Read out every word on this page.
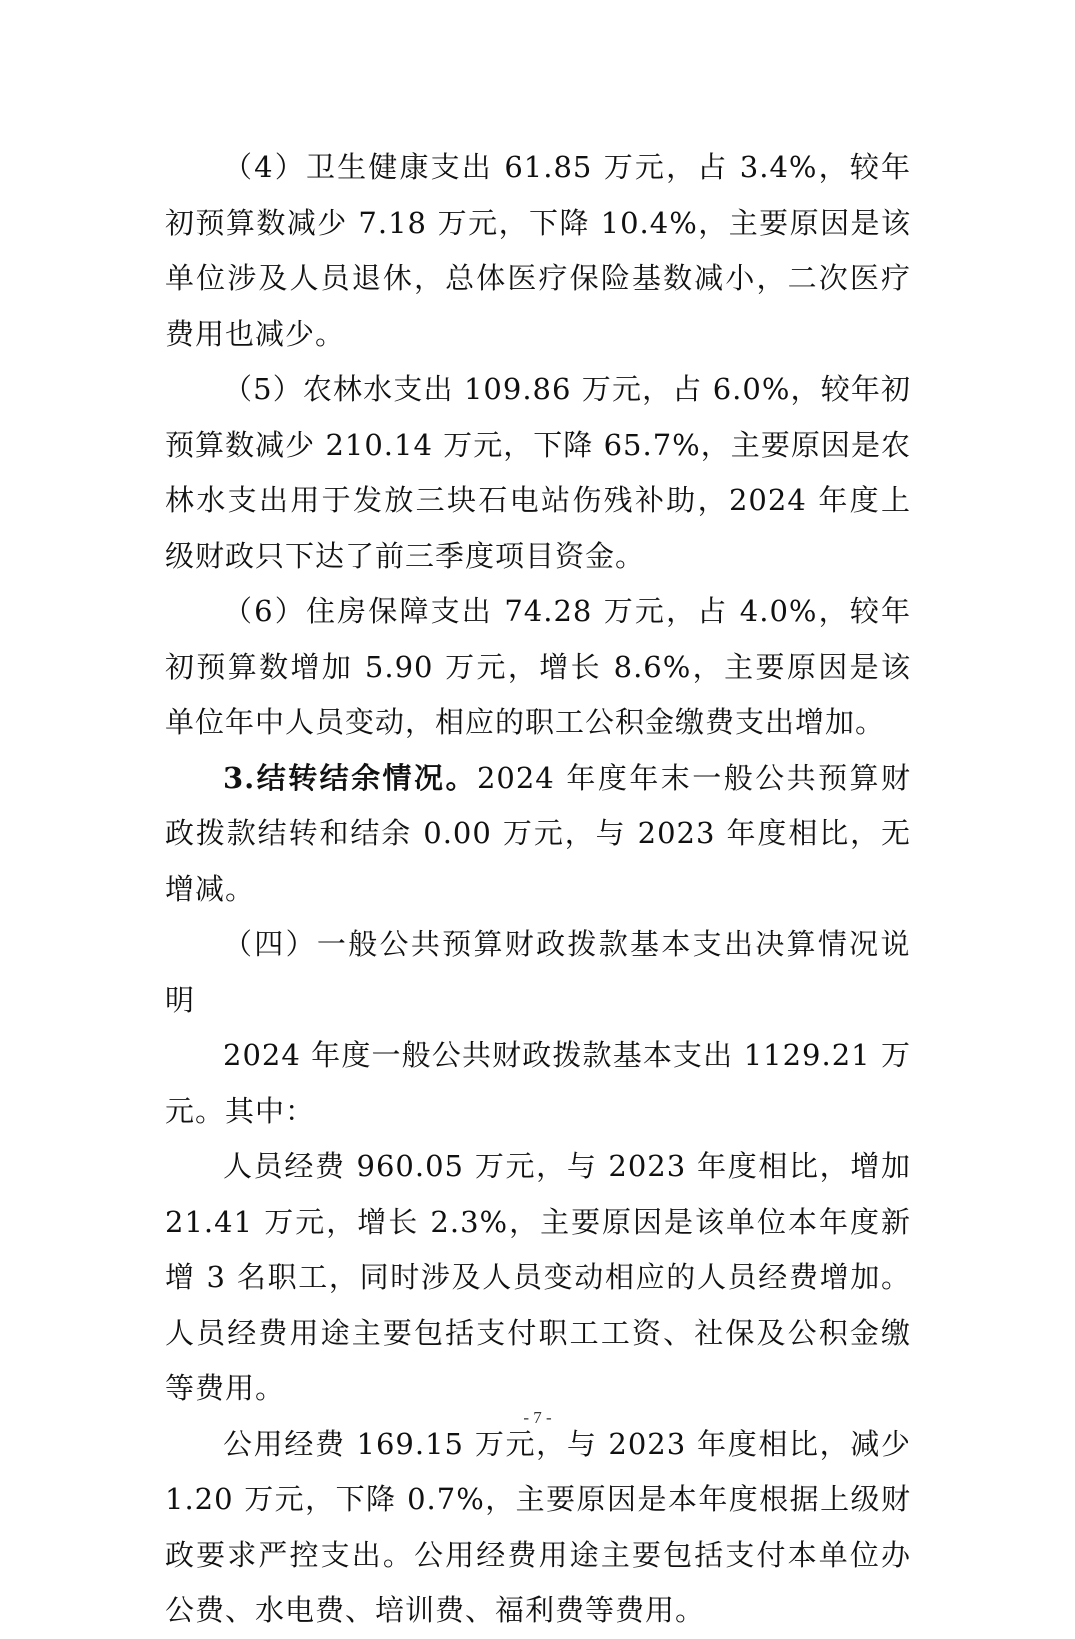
（4）卫生健康支出 61.85 万元，占 3.4%，较年初预算数减少 7.18 万元，下降 10.4%，主要原因是该单位涉及人员退休，总体医疗保险基数减小，二次医疗费用也减少。

（5）农林水支出 109.86 万元，占 6.0%，较年初预算数减少 210.14 万元，下降 65.7%，主要原因是农林水支出用于发放三块石电站伤残补助，2024 年度上级财政只下达了前三季度项目资金。

（6）住房保障支出 74.28 万元，占 4.0%，较年初预算数增加 5.90 万元，增长 8.6%，主要原因是该单位年中人员变动，相应的职工公积金缴费支出增加。

3.结转结余情况。2024 年度年末一般公共预算财政拨款结转和结余 0.00 万元，与 2023 年度相比，无增减。

（四）一般公共预算财政拨款基本支出决算情况说明

2024 年度一般公共财政拨款基本支出 1129.21 万元。其中：

人员经费 960.05 万元，与 2023 年度相比，增加 21.41 万元，增长 2.3%，主要原因是该单位本年度新增 3 名职工，同时涉及人员变动相应的人员经费增加。人员经费用途主要包括支付职工工资、社保及公积金缴等费用。

公用经费 169.15 万元，与 2023 年度相比，减少 1.20 万元，下降 0.7%，主要原因是本年度根据上级财政要求严控支出。公用经费用途主要包括支付本单位办公费、水电费、培训费、福利费等费用。

- 7 -
